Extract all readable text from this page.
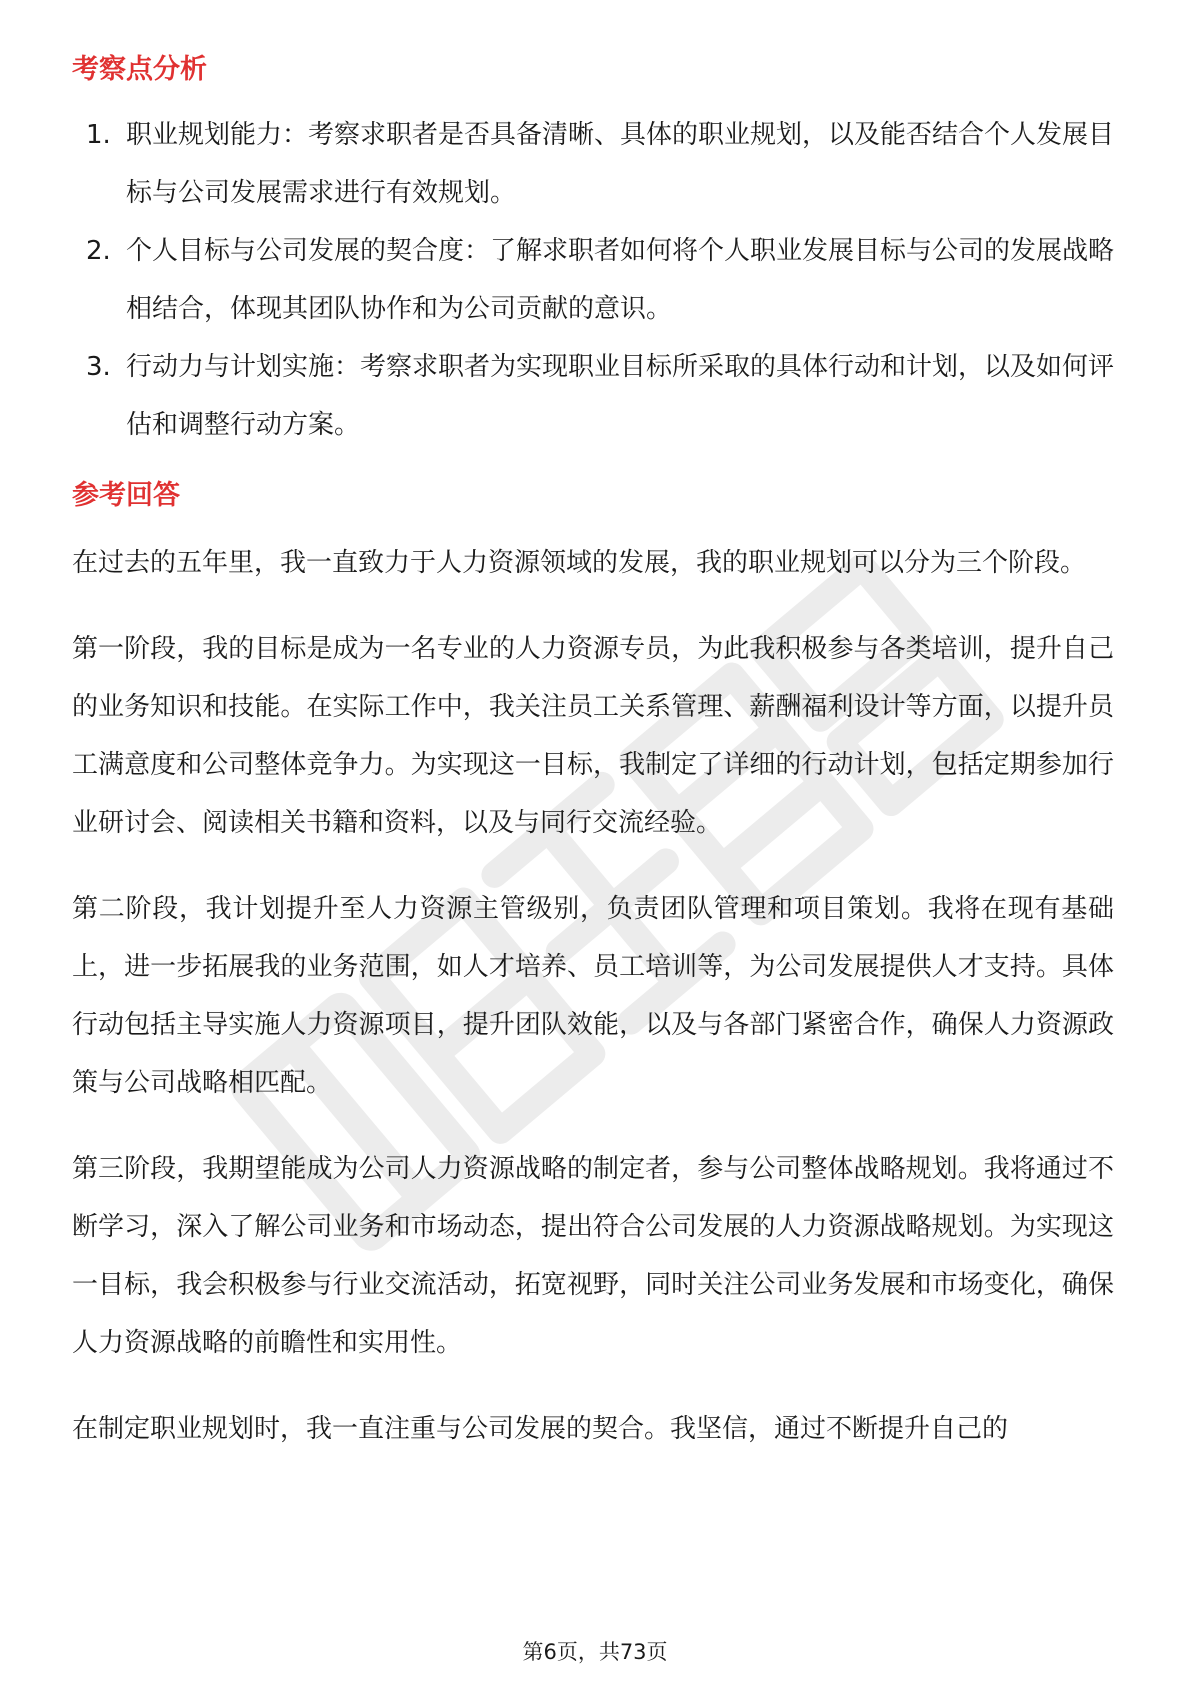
考察点分析
1. 职业规划能力：考察求职者是否具备清晰、具体的职业规划，以及能否结合个人发展目标与公司发展需求进行有效规划。
2. 个人目标与公司发展的契合度：了解求职者如何将个人职业发展目标与公司的发展战略相结合，体现其团队协作和为公司贡献的意识。
3. 行动力与计划实施：考察求职者为实现职业目标所采取的具体行动和计划，以及如何评估和调整行动方案。
参考回答

在过去的五年里，我一直致力于人力资源领域的发展，我的职业规划可以分为三个阶段。

第一阶段，我的目标是成为一名专业的人力资源专员，为此我积极参与各类培训，提升自己的业务知识和技能。在实际工作中，我关注员工关系管理、薪酬福利设计等方面，以提升员工满意度和公司整体竞争力。为实现这一目标，我制定了详细的行动计划，包括定期参加行业研讨会、阅读相关书籍和资料，以及与同行交流经验。

第二阶段，我计划提升至人力资源主管级别，负责团队管理和项目策划。我将在现有基础上，进一步拓展我的业务范围，如人才培养、员工培训等，为公司发展提供人才支持。具体行动包括主导实施人力资源项目，提升团队效能，以及与各部门紧密合作，确保人力资源政策与公司战略相匹配。

第三阶段，我期望能成为公司人力资源战略的制定者，参与公司整体战略规划。我将通过不断学习，深入了解公司业务和市场动态，提出符合公司发展的人力资源战略规划。为实现这一目标，我会积极参与行业交流活动，拓宽视野，同时关注公司业务发展和市场变化，确保人力资源战略的前瞻性和实用性。

在制定职业规划时，我一直注重与公司发展的契合。我坚信，通过不断提升自己的

第6页，共73页
